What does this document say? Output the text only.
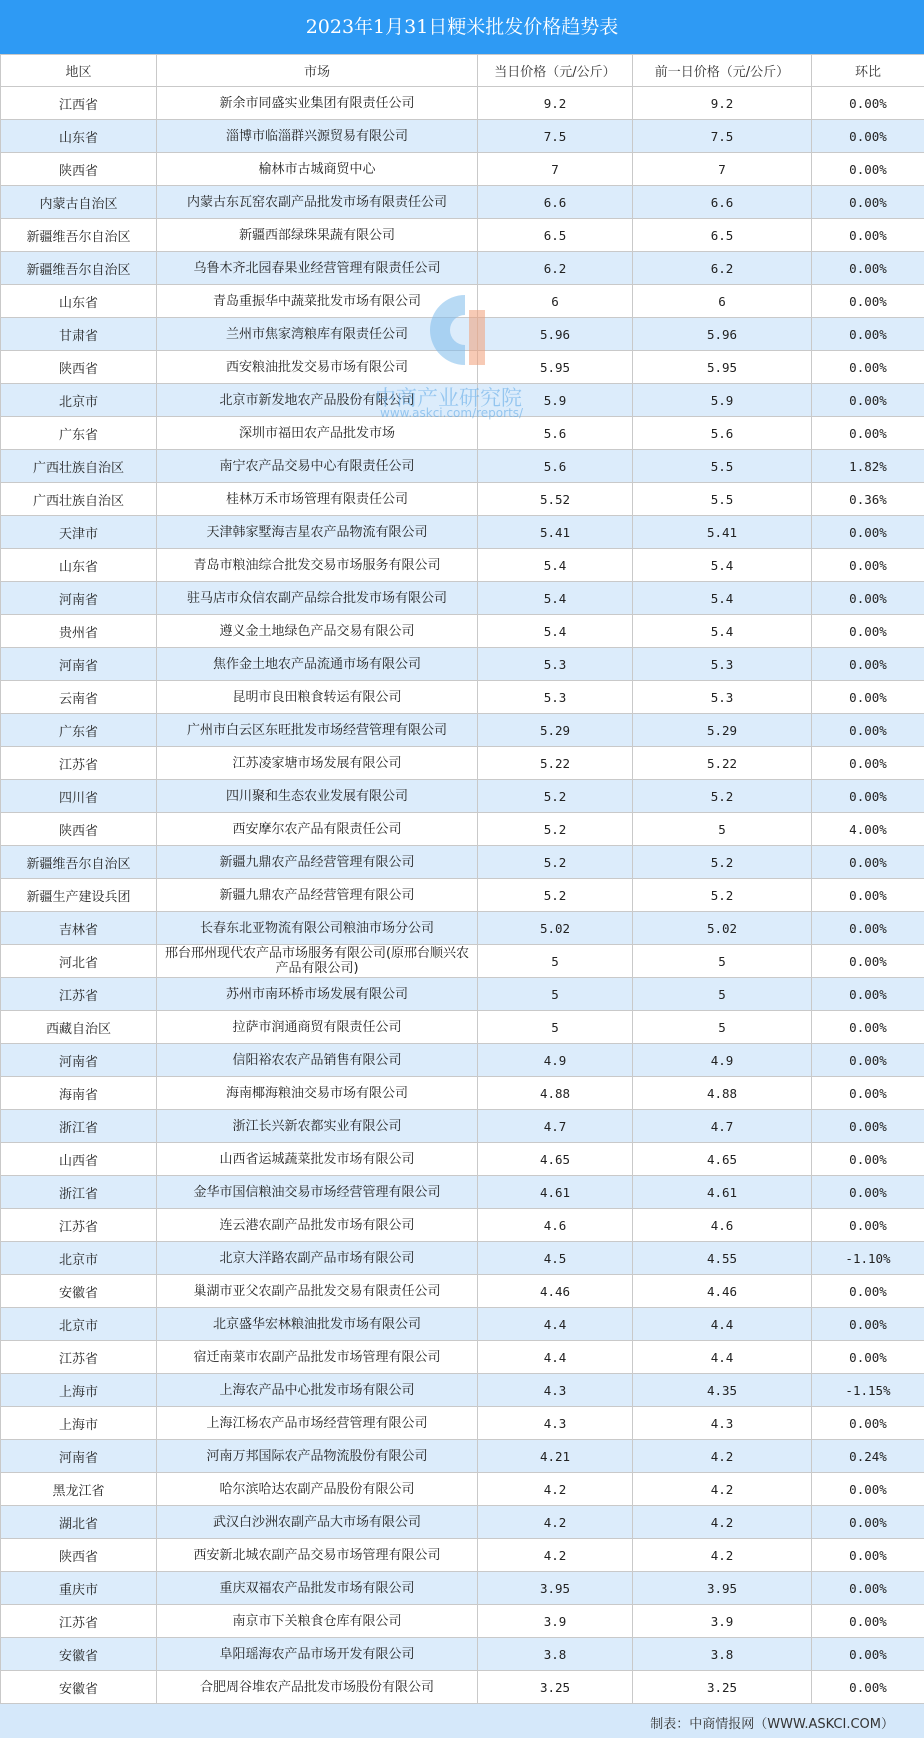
2023年1月31日粳米批发价格趋势表
地区	市场	当日价格（元/公斤）	前一日价格（元/公斤）	环比
江西省	新余市同盛实业集团有限责任公司	9.2	9.2	0.00%
山东省	淄博市临淄群兴源贸易有限公司	7.5	7.5	0.00%
陕西省	榆林市古城商贸中心	7	7	0.00%
内蒙古自治区	内蒙古东瓦窑农副产品批发市场有限责任公司	6.6	6.6	0.00%
新疆维吾尔自治区	新疆西部绿珠果蔬有限公司	6.5	6.5	0.00%
新疆维吾尔自治区	乌鲁木齐北园春果业经营管理有限责任公司	6.2	6.2	0.00%
山东省	青岛重振华中蔬菜批发市场有限公司	6	6	0.00%
甘肃省	兰州市焦家湾粮库有限责任公司	5.96	5.96	0.00%
陕西省	西安粮油批发交易市场有限公司	5.95	5.95	0.00%
北京市	北京市新发地农产品股份有限公司	5.9	5.9	0.00%
广东省	深圳市福田农产品批发市场	5.6	5.6	0.00%
广西壮族自治区	南宁农产品交易中心有限责任公司	5.6	5.5	1.82%
广西壮族自治区	桂林万禾市场管理有限责任公司	5.52	5.5	0.36%
天津市	天津韩家墅海吉星农产品物流有限公司	5.41	5.41	0.00%
山东省	青岛市粮油综合批发交易市场服务有限公司	5.4	5.4	0.00%
河南省	驻马店市众信农副产品综合批发市场有限公司	5.4	5.4	0.00%
贵州省	遵义金土地绿色产品交易有限公司	5.4	5.4	0.00%
河南省	焦作金土地农产品流通市场有限公司	5.3	5.3	0.00%
云南省	昆明市良田粮食转运有限公司	5.3	5.3	0.00%
广东省	广州市白云区东旺批发市场经营管理有限公司	5.29	5.29	0.00%
江苏省	江苏凌家塘市场发展有限公司	5.22	5.22	0.00%
四川省	四川聚和生态农业发展有限公司	5.2	5.2	0.00%
陕西省	西安摩尔农产品有限责任公司	5.2	5	4.00%
新疆维吾尔自治区	新疆九鼎农产品经营管理有限公司	5.2	5.2	0.00%
新疆生产建设兵团	新疆九鼎农产品经营管理有限公司	5.2	5.2	0.00%
吉林省	长春东北亚物流有限公司粮油市场分公司	5.02	5.02	0.00%
河北省	邢台邢州现代农产品市场服务有限公司(原邢台顺兴农产品有限公司)	5	5	0.00%
江苏省	苏州市南环桥市场发展有限公司	5	5	0.00%
西藏自治区	拉萨市润通商贸有限责任公司	5	5	0.00%
河南省	信阳裕农农产品销售有限公司	4.9	4.9	0.00%
海南省	海南椰海粮油交易市场有限公司	4.88	4.88	0.00%
浙江省	浙江长兴新农都实业有限公司	4.7	4.7	0.00%
山西省	山西省运城蔬菜批发市场有限公司	4.65	4.65	0.00%
浙江省	金华市国信粮油交易市场经营管理有限公司	4.61	4.61	0.00%
江苏省	连云港农副产品批发市场有限公司	4.6	4.6	0.00%
北京市	北京大洋路农副产品市场有限公司	4.5	4.55	-1.10%
安徽省	巢湖市亚父农副产品批发交易有限责任公司	4.46	4.46	0.00%
北京市	北京盛华宏林粮油批发市场有限公司	4.4	4.4	0.00%
江苏省	宿迁南菜市农副产品批发市场管理有限公司	4.4	4.4	0.00%
上海市	上海农产品中心批发市场有限公司	4.3	4.35	-1.15%
上海市	上海江杨农产品市场经营管理有限公司	4.3	4.3	0.00%
河南省	河南万邦国际农产品物流股份有限公司	4.21	4.2	0.24%
黑龙江省	哈尔滨哈达农副产品股份有限公司	4.2	4.2	0.00%
湖北省	武汉白沙洲农副产品大市场有限公司	4.2	4.2	0.00%
陕西省	西安新北城农副产品交易市场管理有限公司	4.2	4.2	0.00%
重庆市	重庆双福农产品批发市场有限公司	3.95	3.95	0.00%
江苏省	南京市下关粮食仓库有限公司	3.9	3.9	0.00%
安徽省	阜阳瑶海农产品市场开发有限公司	3.8	3.8	0.00%
安徽省	合肥周谷堆农产品批发市场股份有限公司	3.25	3.25	0.00%
中商产业研究院
www.askci.com/reports/
制表：中商情报网（WWW.ASKCI.COM）
